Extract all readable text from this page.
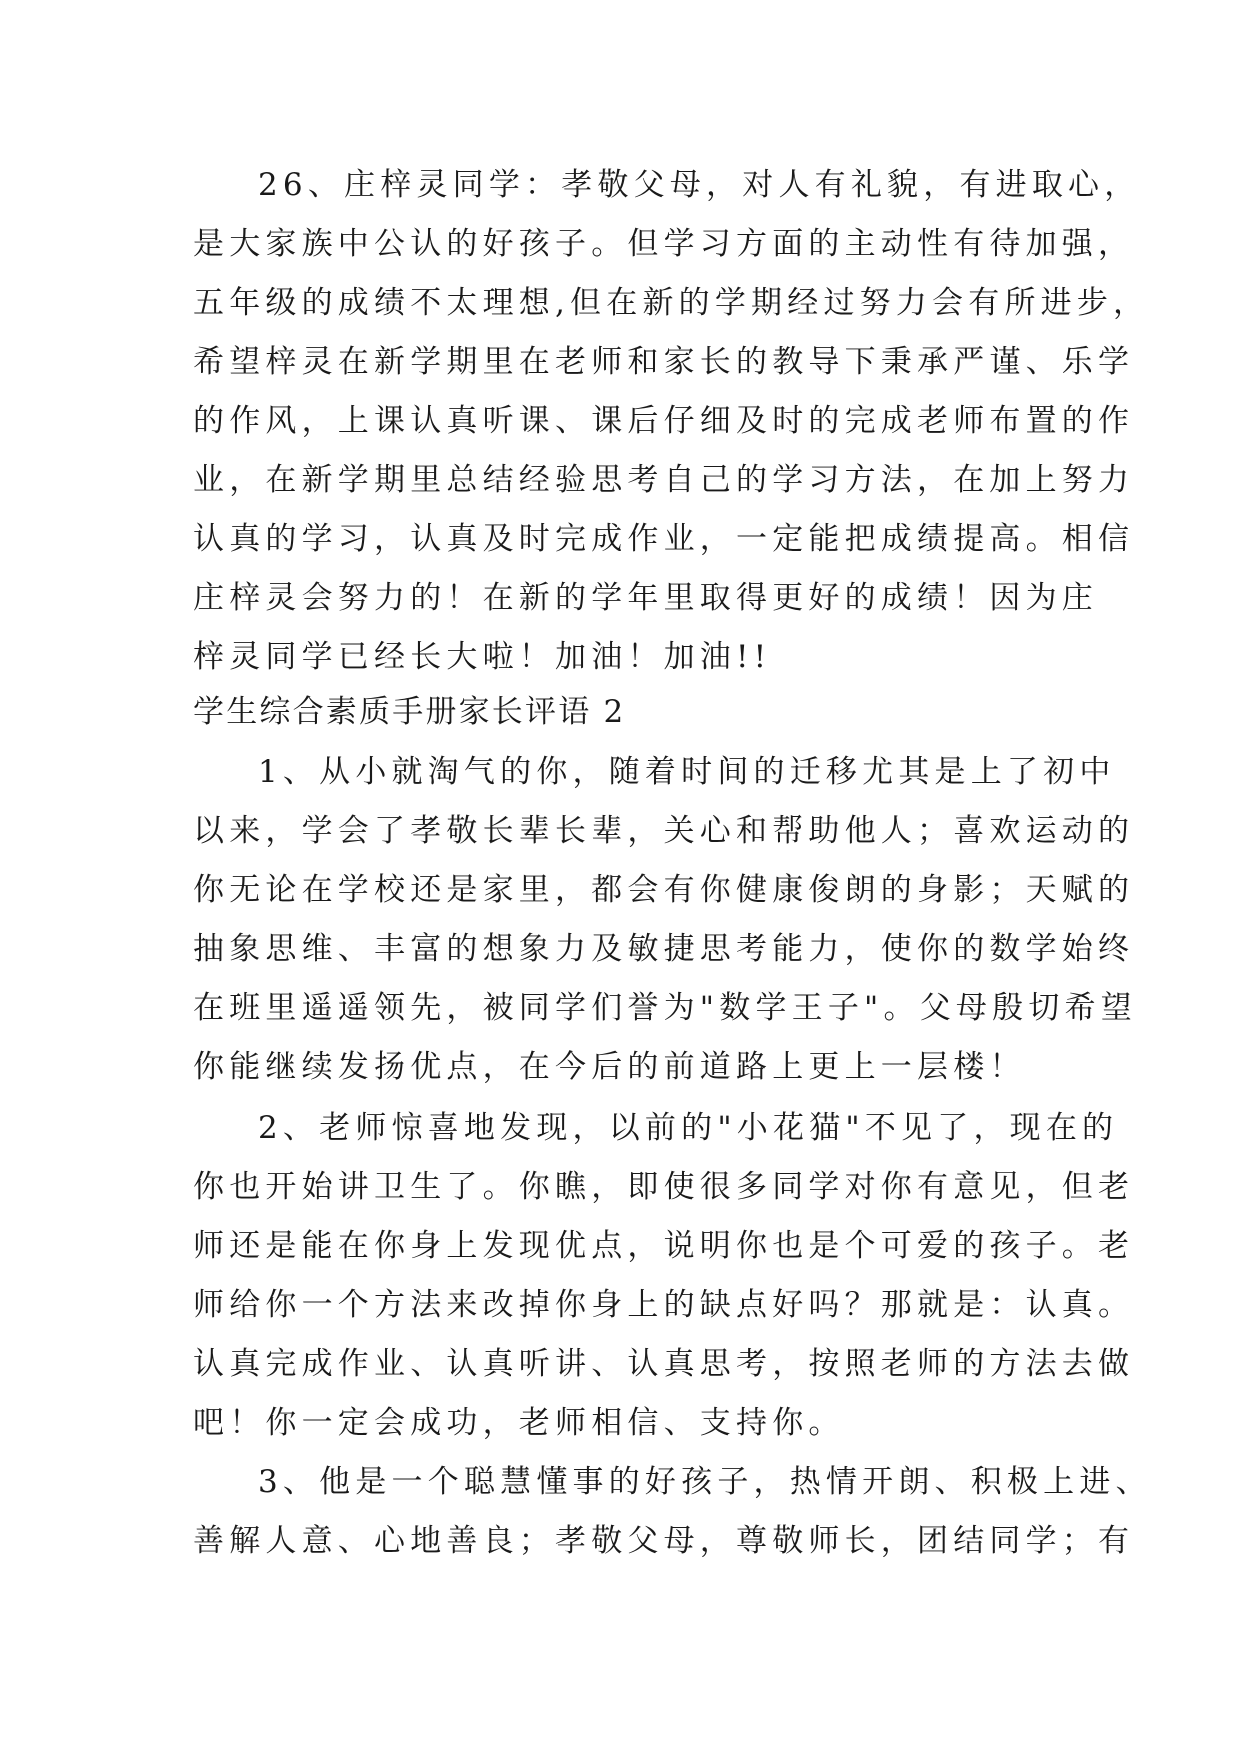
26、庄梓灵同学：孝敬父母，对人有礼貌，有进取心，
是大家族中公认的好孩子。但学习方面的主动性有待加强，
五年级的成绩不太理想,但在新的学期经过努力会有所进步，
希望梓灵在新学期里在老师和家长的教导下秉承严谨、乐学
的作风，上课认真听课、课后仔细及时的完成老师布置的作
业，在新学期里总结经验思考自己的学习方法，在加上努力
认真的学习，认真及时完成作业，一定能把成绩提高。相信
庄梓灵会努力的！在新的学年里取得更好的成绩！因为庄
梓灵同学已经长大啦！加油！加油!!
学生综合素质手册家长评语 2
1、从小就淘气的你，随着时间的迁移尤其是上了初中
以来，学会了孝敬长辈长辈，关心和帮助他人；喜欢运动的
你无论在学校还是家里，都会有你健康俊朗的身影；天赋的
抽象思维、丰富的想象力及敏捷思考能力，使你的数学始终
在班里遥遥领先，被同学们誉为"数学王子"。父母殷切希望
你能继续发扬优点，在今后的前道路上更上一层楼！
2、老师惊喜地发现，以前的"小花猫"不见了，现在的
你也开始讲卫生了。你瞧，即使很多同学对你有意见，但老
师还是能在你身上发现优点，说明你也是个可爱的孩子。老
师给你一个方法来改掉你身上的缺点好吗？那就是：认真。
认真完成作业、认真听讲、认真思考，按照老师的方法去做
吧！你一定会成功，老师相信、支持你。
3、他是一个聪慧懂事的好孩子，热情开朗、积极上进、
善解人意、心地善良；孝敬父母，尊敬师长，团结同学；有
